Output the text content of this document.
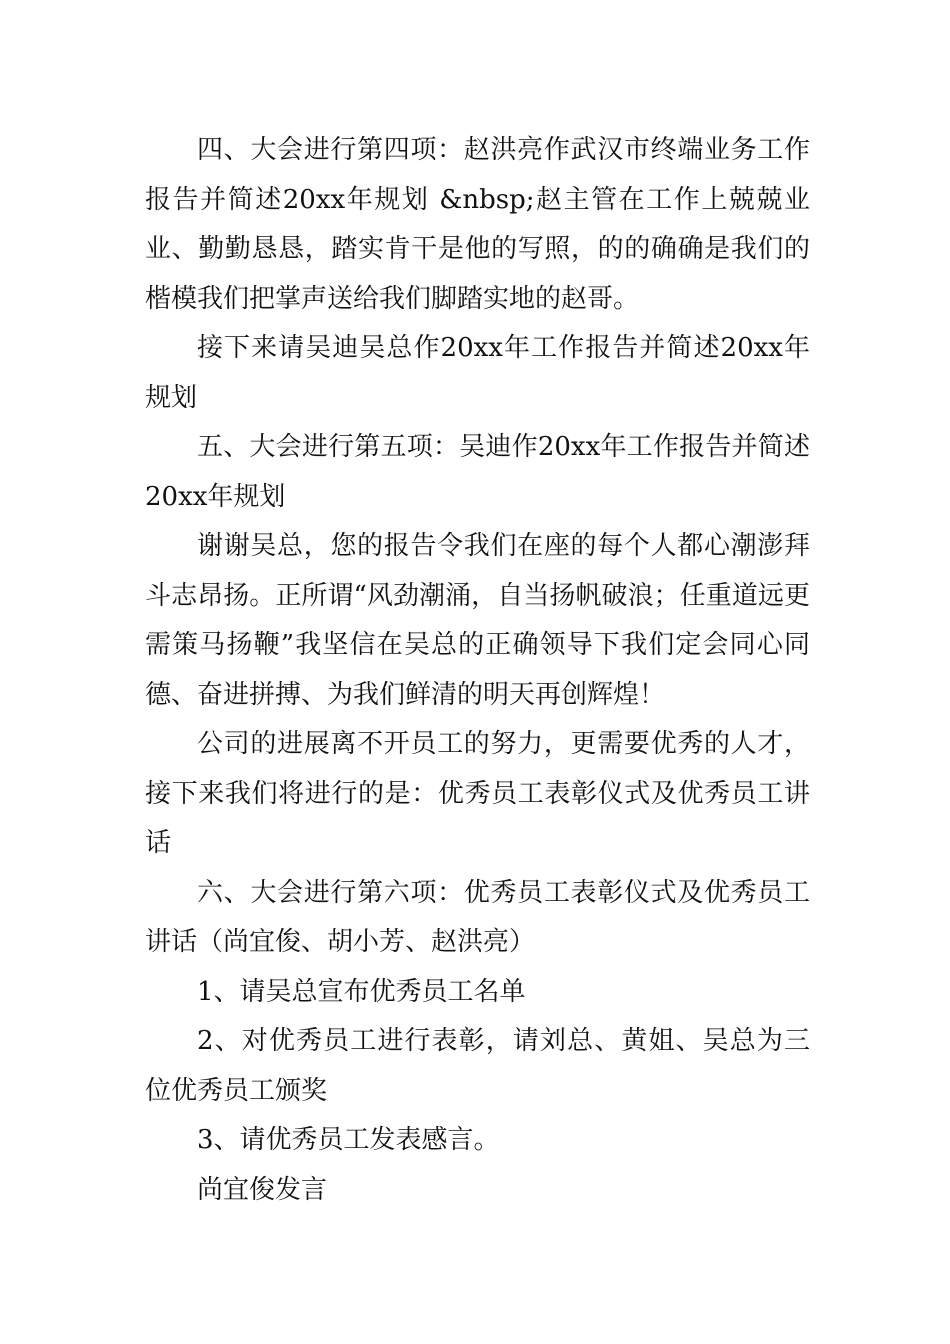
四、大会进行第四项：赵洪亮作武汉市终端业务工作报告并简述20xx年规划 &nbsp;赵主管在工作上兢兢业业、勤勤恳恳，踏实肯干是他的写照，的的确确是我们的楷模我们把掌声送给我们脚踏实地的赵哥。

接下来请吴迪吴总作20xx年工作报告并简述20xx年规划

五、大会进行第五项：吴迪作20xx年工作报告并简述20xx年规划

谢谢吴总，您的报告令我们在座的每个人都心潮澎拜斗志昂扬。正所谓“风劲潮涌，自当扬帆破浪；任重道远更需策马扬鞭”我坚信在吴总的正确领导下我们定会同心同德、奋进拼搏、为我们鲜清的明天再创辉煌！

公司的进展离不开员工的努力，更需要优秀的人才，接下来我们将进行的是：优秀员工表彰仪式及优秀员工讲话

六、大会进行第六项：优秀员工表彰仪式及优秀员工讲话（尚宜俊、胡小芳、赵洪亮）

1、请吴总宣布优秀员工名单

2、对优秀员工进行表彰，请刘总、黄姐、吴总为三位优秀员工颁奖

3、请优秀员工发表感言。

尚宜俊发言
